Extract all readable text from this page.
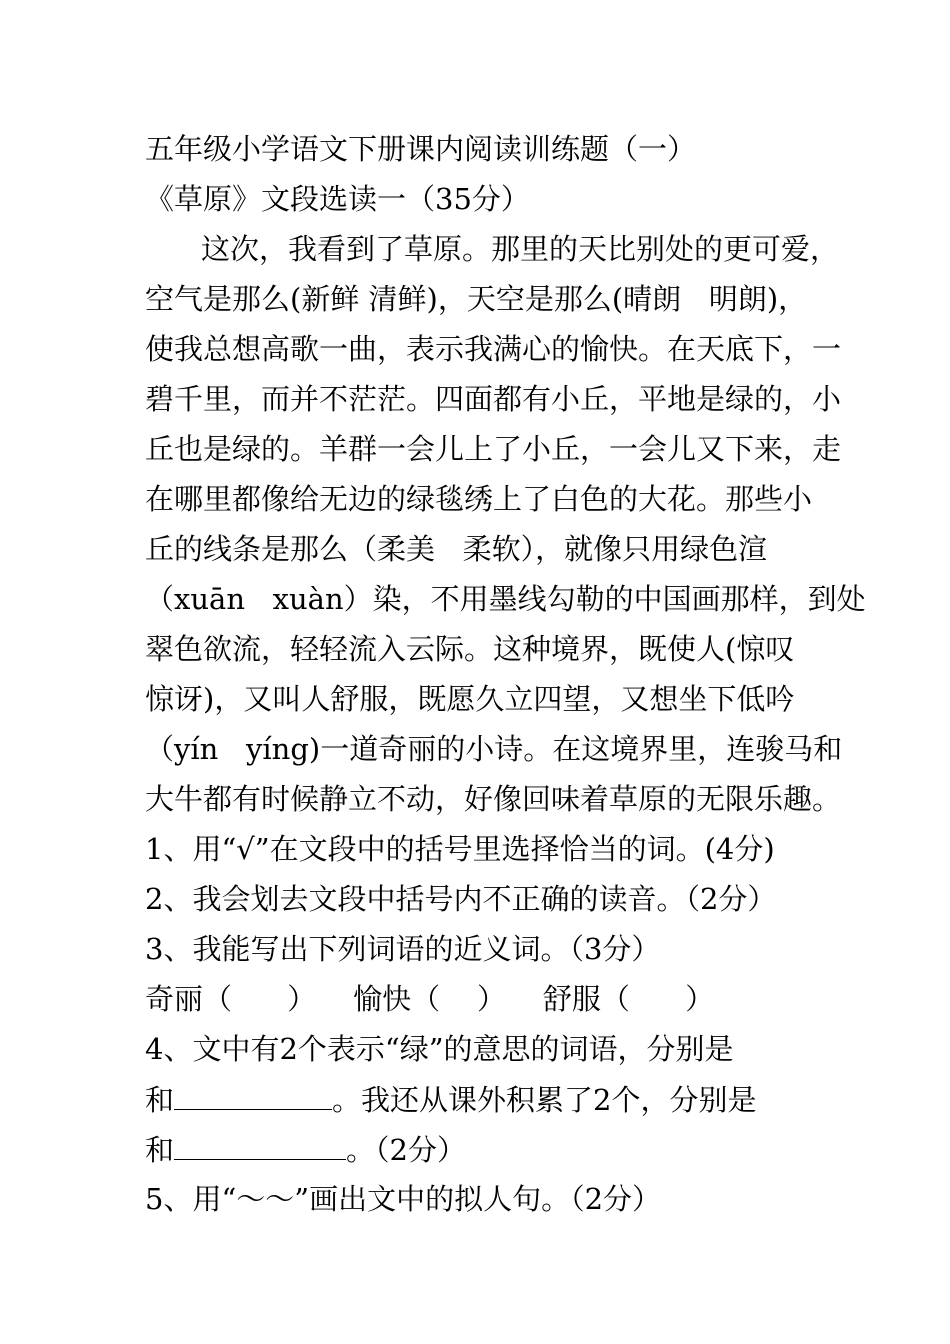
五年级小学语文下册课内阅读训练题（一）
《草原》文段选读一（35分）
这次，我看到了草原。那里的天比别处的更可爱，
空气是那么(新鲜 清鲜)，天空是那么(晴朗   明朗)，
使我总想高歌一曲，表示我满心的愉快。在天底下，一
碧千里，而并不茫茫。四面都有小丘，平地是绿的，小
丘也是绿的。羊群一会儿上了小丘，一会儿又下来，走
在哪里都像给无边的绿毯绣上了白色的大花。那些小
丘的线条是那么（柔美   柔软），就像只用绿色渲
（xuān   xuàn）染，不用墨线勾勒的中国画那样，到处
翠色欲流，轻轻流入云际。这种境界，既使人(惊叹
惊讶)，又叫人舒服，既愿久立四望，又想坐下低吟
（yín   yíng)一道奇丽的小诗。在这境界里，连骏马和
大牛都有时候静立不动，好像回味着草原的无限乐趣。
1、用“√”在文段中的括号里选择恰当的词。(4分)
2、我会划去文段中括号内不正确的读音。（2分）
3、我能写出下列词语的近义词。（3分）
奇丽（      ）    愉快（    ）    舒服（      ）
4、文中有2个表示“绿”的意思的词语，分别是
和	。我还从课外积累了2个，分别是
和	。（2分）
5、用“～～”画出文中的拟人句。（2分）
